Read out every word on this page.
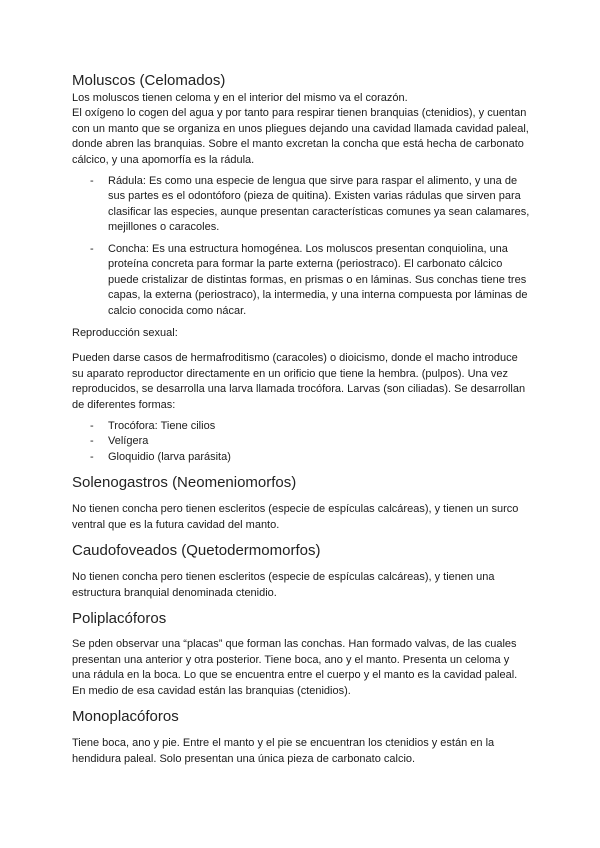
Moluscos (Celomados)

Los moluscos tienen celoma y en el interior del mismo va el corazón.

El oxígeno lo cogen del agua y por tanto para respirar tienen branquias (ctenidios), y cuentan con un manto que se organiza en unos pliegues dejando una cavidad llamada cavidad paleal, donde abren las branquias. Sobre el manto excretan la concha que está hecha de carbonato cálcico, y una apomorfía es la rádula.

- Rádula: Es como una especie de lengua que sirve para raspar el alimento, y una de sus partes es el odontóforo (pieza de quitina). Existen varias rádulas que sirven para clasificar las especies, aunque presentan características comunes ya sean calamares, mejillones o caracoles.
- Concha: Es una estructura homogénea. Los moluscos presentan conquiolina, una proteína concreta para formar la parte externa (periostraco). El carbonato cálcico puede cristalizar de distintas formas, en prismas o en láminas. Sus conchas tiene tres capas, la externa (periostraco), la intermedia, y una interna compuesta por láminas de calcio conocida como nácar.

Reproducción sexual:

Pueden darse casos de hermafroditismo (caracoles) o dioicismo, donde el macho introduce su aparato reproductor directamente en un orificio que tiene la hembra. (pulpos). Una vez reproducidos, se desarrolla una larva llamada trocófora. Larvas (son ciliadas). Se desarrollan de diferentes formas:

- Trocófora: Tiene cilios
- Velígera
- Gloquidio (larva parásita)
Solenogastros (Neomeniomorfos)

No tienen concha pero tienen escleritos (especie de espículas calcáreas), y tienen un surco ventral que es la futura cavidad del manto.

Caudofoveados (Quetodermomorfos)

No tienen concha pero tienen escleritos (especie de espículas calcáreas), y tienen una estructura branquial denominada ctenidio.

Poliplacóforos

Se pden observar una “placas” que forman las conchas. Han formado valvas, de las cuales presentan una anterior y otra posterior. Tiene boca, ano y el manto. Presenta un celoma y una rádula en la boca. Lo que se encuentra entre el cuerpo y el manto es la cavidad paleal. En medio de esa cavidad están las branquias (ctenidios).

Monoplacóforos

Tiene boca, ano y pie. Entre el manto y el pie se encuentran los ctenidios y están en la hendidura paleal. Solo presentan una única pieza de carbonato calcio.
